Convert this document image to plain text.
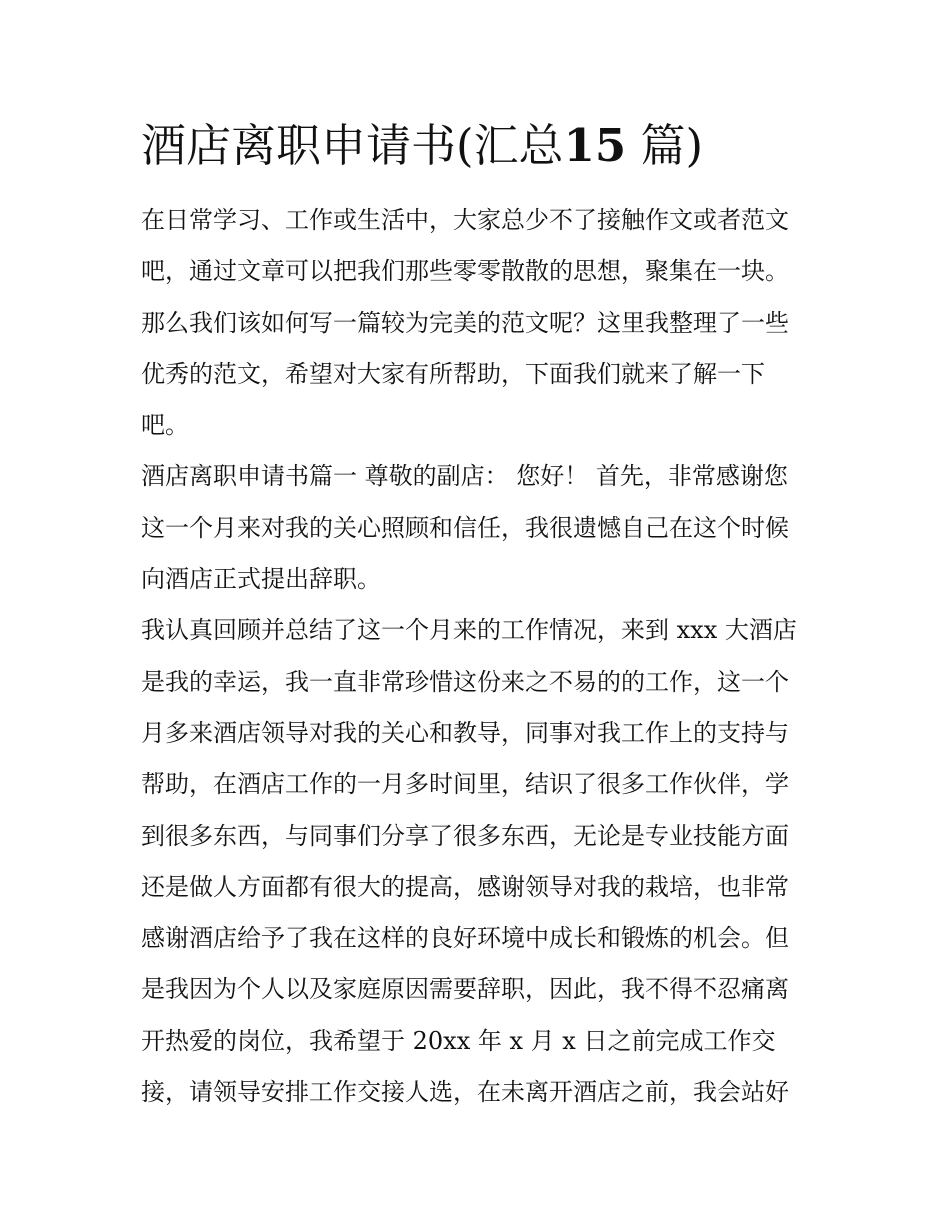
酒店离职申请书(汇总15 篇)
在日常学习、工作或生活中，大家总少不了接触作文或者范文
吧，通过文章可以把我们那些零零散散的思想，聚集在一块。
那么我们该如何写一篇较为完美的范文呢？这里我整理了一些
优秀的范文，希望对大家有所帮助，下面我们就来了解一下
吧。
酒店离职申请书篇一 尊敬的副店： 您好！ 首先，非常感谢您
这一个月来对我的关心照顾和信任，我很遗憾自己在这个时候
向酒店正式提出辞职。
我认真回顾并总结了这一个月来的工作情况，来到 xxx 大酒店
是我的幸运，我一直非常珍惜这份来之不易的的工作，这一个
月多来酒店领导对我的关心和教导，同事对我工作上的支持与
帮助，在酒店工作的一月多时间里，结识了很多工作伙伴，学
到很多东西，与同事们分享了很多东西，无论是专业技能方面
还是做人方面都有很大的提高，感谢领导对我的栽培，也非常
感谢酒店给予了我在这样的良好环境中成长和锻炼的机会。但
是我因为个人以及家庭原因需要辞职，因此，我不得不忍痛离
开热爱的岗位，我希望于 20xx 年 x 月 x 日之前完成工作交
接，请领导安排工作交接人选，在未离开酒店之前，我会站好
